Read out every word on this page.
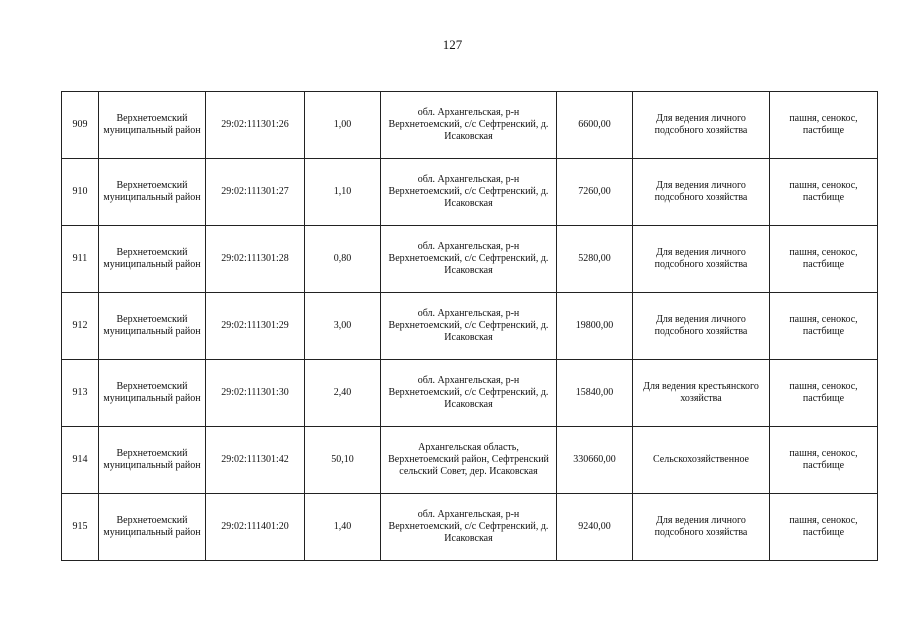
127
909	Верхнетоемский муниципальный район	29:02:111301:26	1,00	обл. Архангельская, р-н Верхнетоемский, с/с Сефтренский, д. Исаковская	6600,00	Для ведения личного подсобного хозяйства	пашня, сенокос, пастбище
910	Верхнетоемский муниципальный район	29:02:111301:27	1,10	обл. Архангельская, р-н Верхнетоемский, с/с Сефтренский, д. Исаковская	7260,00	Для ведения личного подсобного хозяйства	пашня, сенокос, пастбище
911	Верхнетоемский муниципальный район	29:02:111301:28	0,80	обл. Архангельская, р-н Верхнетоемский, с/с Сефтренский, д. Исаковская	5280,00	Для ведения личного подсобного хозяйства	пашня, сенокос, пастбище
912	Верхнетоемский муниципальный район	29:02:111301:29	3,00	обл. Архангельская, р-н Верхнетоемский, с/с Сефтренский, д. Исаковская	19800,00	Для ведения личного подсобного хозяйства	пашня, сенокос, пастбище
913	Верхнетоемский муниципальный район	29:02:111301:30	2,40	обл. Архангельская, р-н Верхнетоемский, с/с Сефтренский, д. Исаковская	15840,00	Для ведения крестьянского хозяйства	пашня, сенокос, пастбище
914	Верхнетоемский муниципальный район	29:02:111301:42	50,10	Архангельская область, Верхнетоемский район, Сефтренский сельский Совет, дер. Исаковская	330660,00	Сельскохозяйственное	пашня, сенокос, пастбище
915	Верхнетоемский муниципальный район	29:02:111401:20	1,40	обл. Архангельская, р-н Верхнетоемский, с/с Сефтренский, д. Исаковская	9240,00	Для ведения личного подсобного хозяйства	пашня, сенокос, пастбище
